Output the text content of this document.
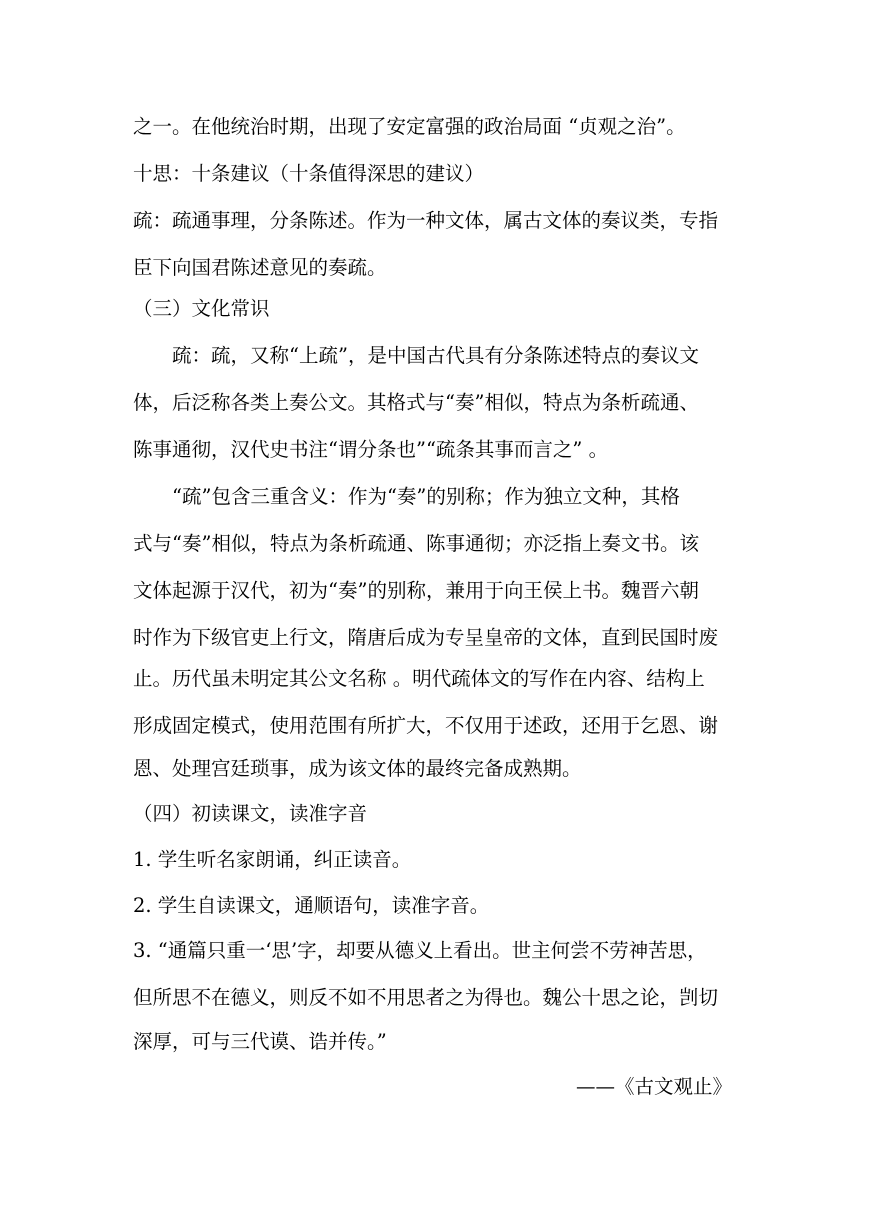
之一。在他统治时期，出现了安定富强的政治局面 “贞观之治”。
十思：十条建议（十条值得深思的建议）
疏：疏通事理，分条陈述。作为一种文体，属古文体的奏议类，专指
臣下向国君陈述意见的奏疏。
（三）文化常识
　　疏：疏，又称“上疏”，是中国古代具有分条陈述特点的奏议文
体，后泛称各类上奏公文。其格式与“奏”相似，特点为条析疏通、
陈事通彻，汉代史书注“谓分条也”“疏条其事而言之” 。
　　“疏”包含三重含义：作为“奏”的别称；作为独立文种，其格
式与“奏”相似，特点为条析疏通、陈事通彻；亦泛指上奏文书。该
文体起源于汉代，初为“奏”的别称，兼用于向王侯上书。魏晋六朝
时作为下级官吏上行文，隋唐后成为专呈皇帝的文体，直到民国时废
止。历代虽未明定其公文名称 。明代疏体文的写作在内容、结构上
形成固定模式，使用范围有所扩大，不仅用于述政，还用于乞恩、谢
恩、处理宫廷琐事，成为该文体的最终完备成熟期。
（四）初读课文，读准字音
1. 学生听名家朗诵，纠正读音。
2. 学生自读课文，通顺语句，读准字音。
3. “通篇只重一‘思’字，却要从德义上看出。世主何尝不劳神苦思，
但所思不在德义，则反不如不用思者之为得也。魏公十思之论，剀切
深厚，可与三代谟、诰并传。”
——《古文观止》
